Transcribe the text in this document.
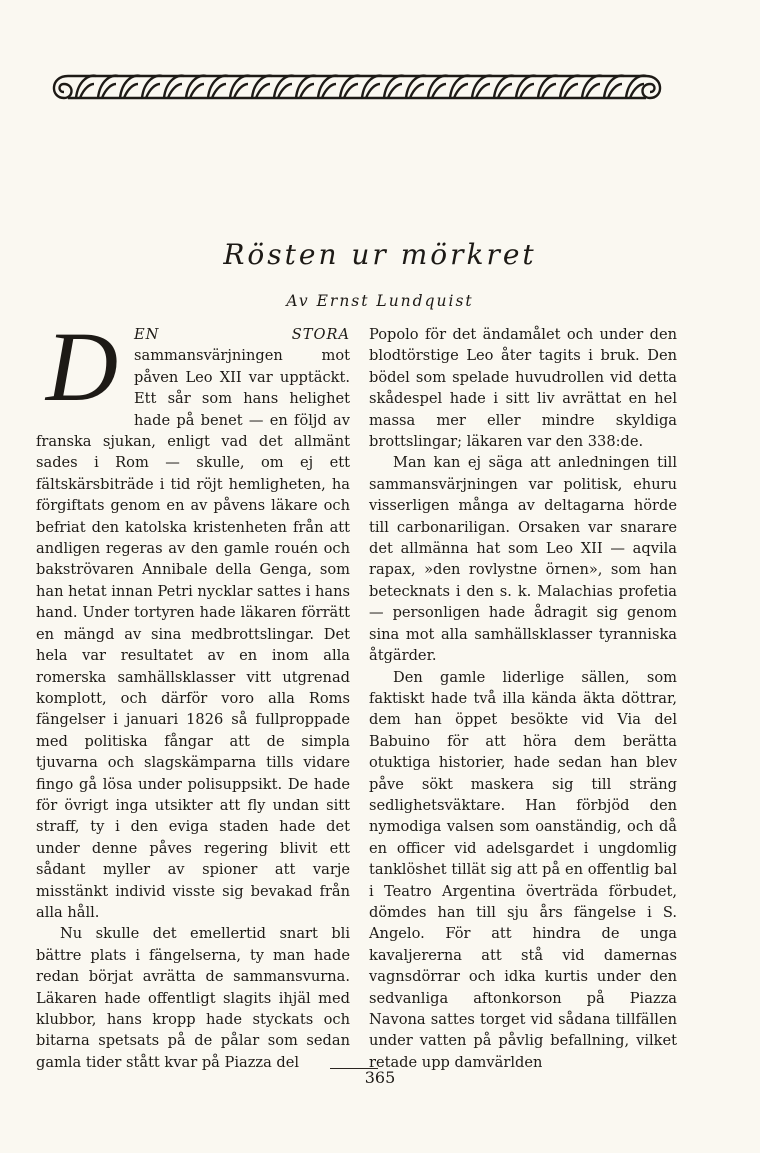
Rösten ur mörkret
Av Ernst Lundquist

D	EN STORA sammansvärjningen mot påven Leo XII var upptäckt. Ett sår som hans helighet hade på benet — en följd av franska sjukan, enligt vad det allmänt sades i Rom — skulle, om ej ett fältskärsbiträde i tid röjt hemligheten, ha förgiftats genom en av påvens läkare och befriat den katolska kristenheten från att andligen regeras av den gamle rouén och bakströvaren Annibale della Genga, som han hetat innan Petri nycklar sattes i hans hand. Under tortyren hade läkaren förrätt en mängd av sina medbrottslingar. Det hela var resultatet av en inom alla romerska samhällsklasser vitt utgrenad komplott, och därför voro alla Roms fängelser i januari 1826 så fullproppade med politiska fångar att de simpla tjuvarna och slagskämparna tills vidare fingo gå lösa under polisuppsikt. De hade för övrigt inga utsikter att fly undan sitt straff, ty i den eviga staden hade det under denne påves regering blivit ett sådant myller av spioner att varje misstänkt individ visste sig bevakad från alla håll.

Nu skulle det emellertid snart bli bättre plats i fängelserna, ty man hade redan börjat avrätta de sammansvurna. Läkaren hade offentligt slagits ihjäl med klubbor, hans kropp hade styckats och bitarna spetsats på de pålar som sedan gamla tider stått kvar på Piazza del

Popolo för det ändamålet och under den blodtörstige Leo åter tagits i bruk. Den bödel som spelade huvudrollen vid detta skådespel hade i sitt liv avrättat en hel massa mer eller mindre skyldiga brottslingar; läkaren var den 338:de.

Man kan ej säga att anledningen till sammansvärjningen var politisk, ehuru visserligen många av deltagarna hörde till carbonariligan. Orsaken var snarare det allmänna hat som Leo XII — aqvila rapax, »den rovlystne örnen», som han betecknats i den s. k. Malachias profetia — personligen hade ådragit sig genom sina mot alla samhällsklasser tyranniska åtgärder.

Den gamle liderlige sällen, som faktiskt hade två illa kända äkta döttrar, dem han öppet besökte vid Via del Babuino för att höra dem berätta otuktiga historier, hade sedan han blev påve sökt maskera sig till sträng sedlighetsväktare. Han förbjöd den nymodiga valsen som oanständig, och då en officer vid adelsgardet i ungdomlig tanklöshet tillät sig att på en offentlig bal i Teatro Argentina överträda förbudet, dömdes han till sju års fängelse i S. Angelo. För att hindra de unga kavaljererna att stå vid damernas vagnsdörrar och idka kurtis under den sedvanliga aftonkorson på Piazza Navona sattes torget vid sådana tillfällen under vatten på påvlig befallning, vilket retade upp damvärlden

365
